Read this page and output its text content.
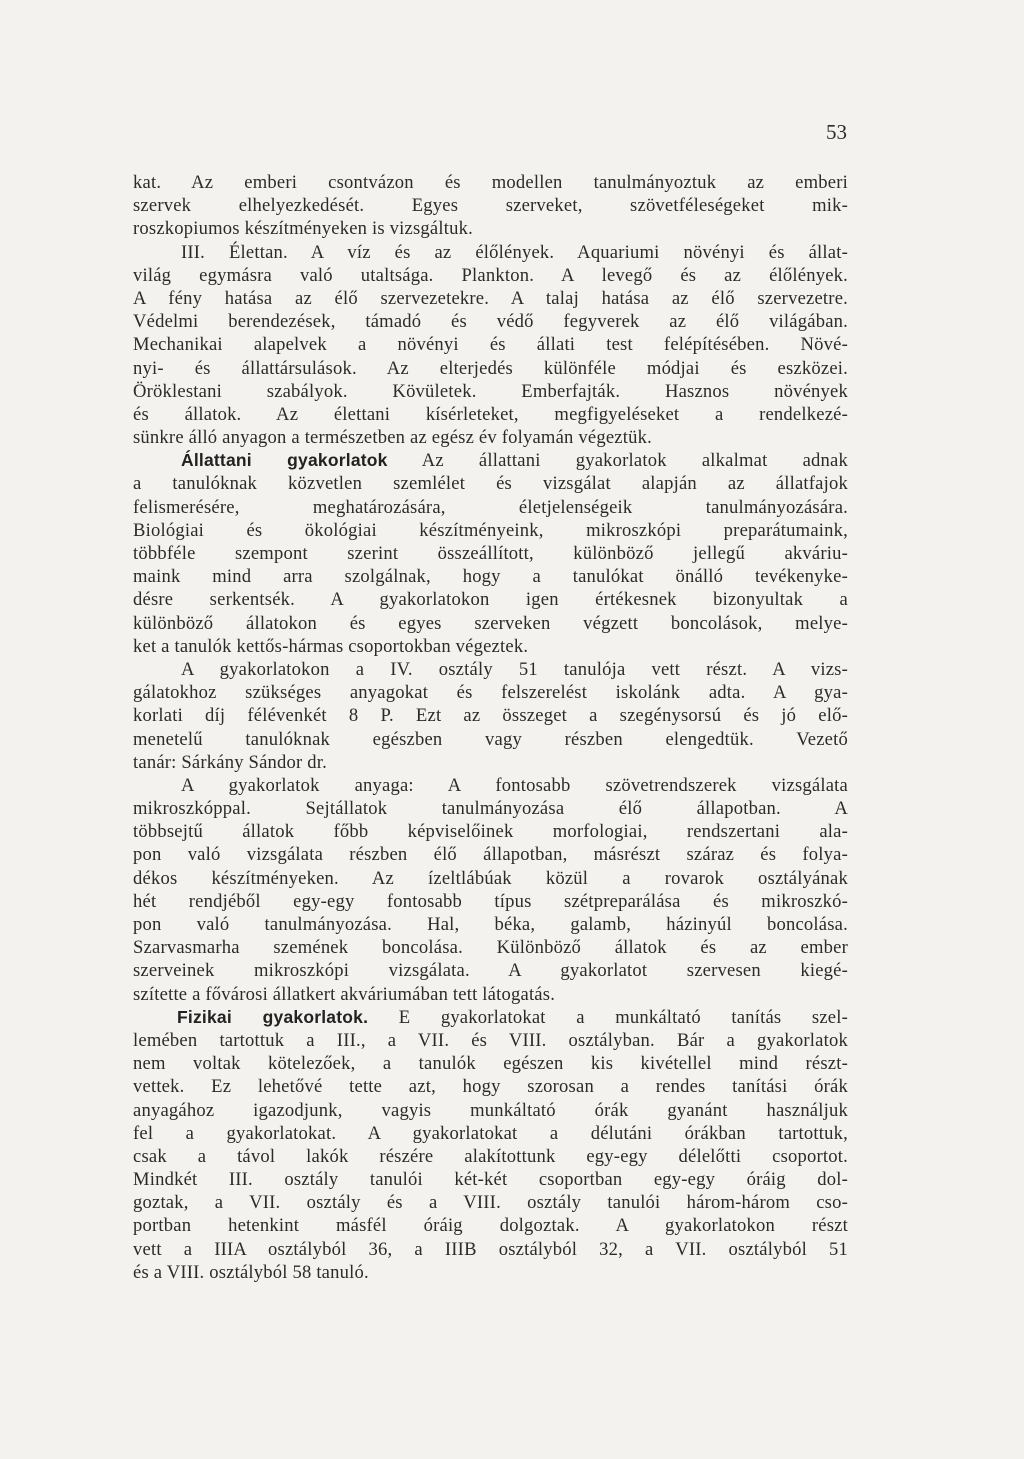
53
kat. Az emberi csontvázon és modellen tanulmányoztuk az emberi
szervek elhelyezkedését. Egyes szerveket, szövetféleségeket mik-
roszkopiumos készítményeken is vizsgáltuk.
III. Élettan. A víz és az élőlények. Aquariumi növényi és állat-
világ egymásra való utaltsága. Plankton. A levegő és az élőlények.
A fény hatása az élő szervezetekre. A talaj hatása az élő szervezetre.
Védelmi berendezések, támadó és védő fegyverek az élő világában.
Mechanikai alapelvek a növényi és állati test felépítésében. Növé-
nyi- és állattársulások. Az elterjedés különféle módjai és eszközei.
Öröklestani szabályok. Kövületek. Emberfajták. Hasznos növények
és állatok. Az élettani kísérleteket, megfigyeléseket a rendelkezé-
sünkre álló anyagon a természetben az egész év folyamán végeztük.
Állattani gyakorlatok Az állattani gyakorlatok alkalmat adnak
a tanulóknak közvetlen szemlélet és vizsgálat alapján az állatfajok
felismerésére, meghatározására, életjelenségeik tanulmányozására.
Biológiai és ökológiai készítményeink, mikroszkópi preparátumaink,
többféle szempont szerint összeállított, különböző jellegű akváriu-
maink mind arra szolgálnak, hogy a tanulókat önálló tevékenyke-
désre serkentsék. A gyakorlatokon igen értékesnek bizonyultak a
különböző állatokon és egyes szerveken végzett boncolások, melye-
ket a tanulók kettős-hármas csoportokban végeztek.
A gyakorlatokon a IV. osztály 51 tanulója vett részt. A vizs-
gálatokhoz szükséges anyagokat és felszerelést iskolánk adta. A gya-
korlati díj félévenkét 8 P. Ezt az összeget a szegénysorsú és jó elő-
menetelű tanulóknak egészben vagy részben elengedtük. Vezető
tanár: Sárkány Sándor dr.
A gyakorlatok anyaga: A fontosabb szövetrendszerek vizsgálata
mikroszkóppal. Sejtállatok tanulmányozása élő állapotban. A
többsejtű állatok főbb képviselőinek morfologiai, rendszertani ala-
pon való vizsgálata részben élő állapotban, másrészt száraz és folya-
dékos készítményeken. Az ízeltlábúak közül a rovarok osztályának
hét rendjéből egy-egy fontosabb típus szétpreparálása és mikroszkó-
pon való tanulmányozása. Hal, béka, galamb, házinyúl boncolása.
Szarvasmarha szemének boncolása. Különböző állatok és az ember
szerveinek mikroszkópi vizsgálata. A gyakorlatot szervesen kiegé-
szítette a fővárosi állatkert akváriumában tett látogatás.
Fizikai gyakorlatok. E gyakorlatokat a munkáltató tanítás szel-
lemében tartottuk a III., a VII. és VIII. osztályban. Bár a gyakorlatok
nem voltak kötelezőek, a tanulók egészen kis kivétellel mind részt-
vettek. Ez lehetővé tette azt, hogy szorosan a rendes tanítási órák
anyagához igazodjunk, vagyis munkáltató órák gyanánt használjuk
fel a gyakorlatokat. A gyakorlatokat a délutáni órákban tartottuk,
csak a távol lakók részére alakítottunk egy-egy délelőtti csoportot.
Mindkét III. osztály tanulói két-két csoportban egy-egy óráig dol-
goztak, a VII. osztály és a VIII. osztály tanulói három-három cso-
portban hetenkint másfél óráig dolgoztak. A gyakorlatokon részt
vett a IIIA osztályból 36, a IIIB osztályból 32, a VII. osztályból 51
és a VIII. osztályból 58 tanuló.
